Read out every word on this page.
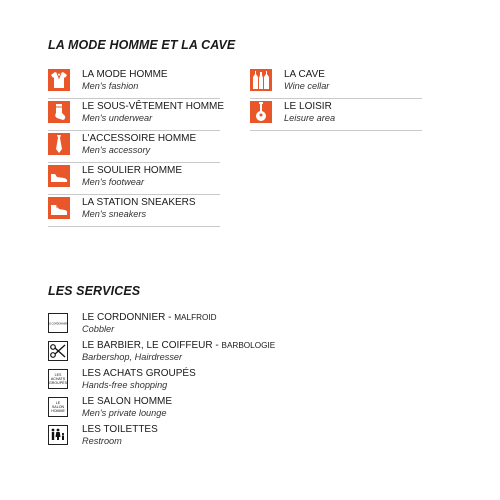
LA MODE HOMME ET LA CAVE
LES SERVICES
LA MODE HOMME
Men's fashion
LE SOUS-VÊTEMENT HOMME
Men's underwear
L'ACCESSOIRE HOMME
Men's accessory
LE SOULIER HOMME
Men's footwear
LA STATION SNEAKERS
Men's sneakers
LA CAVE
Wine cellar
LE LOISIR
Leisure area
LE CORDONNIER
LE CORDONNIER - MALFROID
Cobbler
LE BARBIER, LE COIFFEUR - BARBOLOGIE
Barbershop, Hairdresser
LES
ACHATS
GROUPÉS
LES ACHATS GROUPÉS
Hands-free shopping
LE
SALON
HOMME
LE SALON HOMME
Men's private lounge
LES TOILETTES
Restroom
